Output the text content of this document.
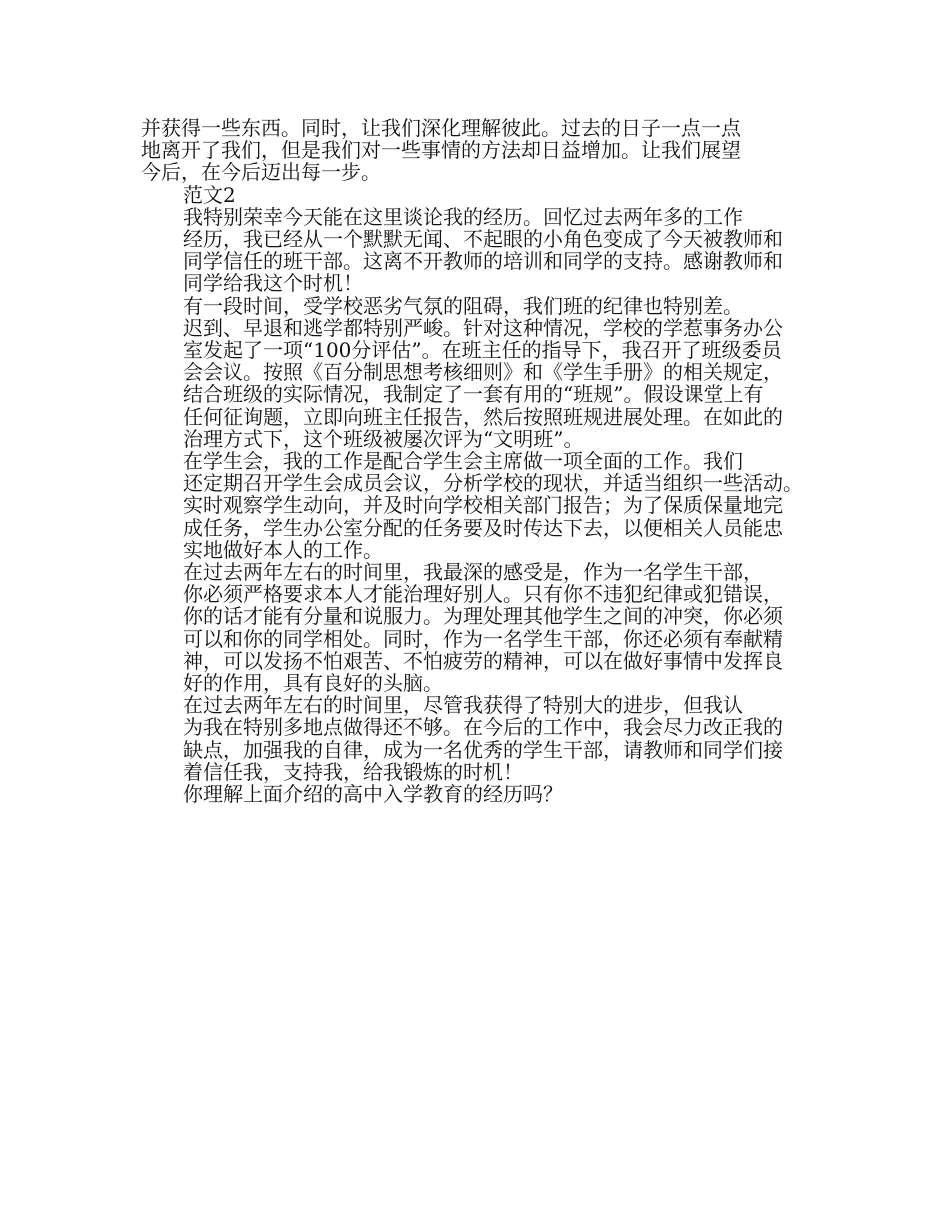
并获得一些东西。同时，让我们深化理解彼此。过去的日子一点一点
地离开了我们，但是我们对一些事情的方法却日益增加。让我们展望
今后，在今后迈出每一步。

范文2

我特别荣幸今天能在这里谈论我的经历。回忆过去两年多的工作
经历，我已经从一个默默无闻、不起眼的小角色变成了今天被教师和
同学信任的班干部。这离不开教师的培训和同学的支持。感谢教师和
同学给我这个时机！

有一段时间，受学校恶劣气氛的阻碍，我们班的纪律也特别差。
迟到、早退和逃学都特别严峻。针对这种情况，学校的学惹事务办公
室发起了一项“100分评估”。在班主任的指导下，我召开了班级委员
会会议。按照《百分制思想考核细则》和《学生手册》的相关规定，
结合班级的实际情况，我制定了一套有用的“班规”。假设课堂上有
任何征询题，立即向班主任报告，然后按照班规进展处理。在如此的
治理方式下，这个班级被屡次评为“文明班”。

在学生会，我的工作是配合学生会主席做一项全面的工作。我们
还定期召开学生会成员会议，分析学校的现状，并适当组织一些活动。
实时观察学生动向，并及时向学校相关部门报告；为了保质保量地完
成任务，学生办公室分配的任务要及时传达下去，以便相关人员能忠
实地做好本人的工作。

在过去两年左右的时间里，我最深的感受是，作为一名学生干部，
你必须严格要求本人才能治理好别人。只有你不违犯纪律或犯错误，
你的话才能有分量和说服力。为理处理其他学生之间的冲突，你必须
可以和你的同学相处。同时，作为一名学生干部，你还必须有奉献精
神，可以发扬不怕艰苦、不怕疲劳的精神，可以在做好事情中发挥良
好的作用，具有良好的头脑。

在过去两年左右的时间里，尽管我获得了特别大的进步，但我认
为我在特别多地点做得还不够。在今后的工作中，我会尽力改正我的
缺点，加强我的自律，成为一名优秀的学生干部，请教师和同学们接
着信任我，支持我，给我锻炼的时机！

你理解上面介绍的高中入学教育的经历吗？
